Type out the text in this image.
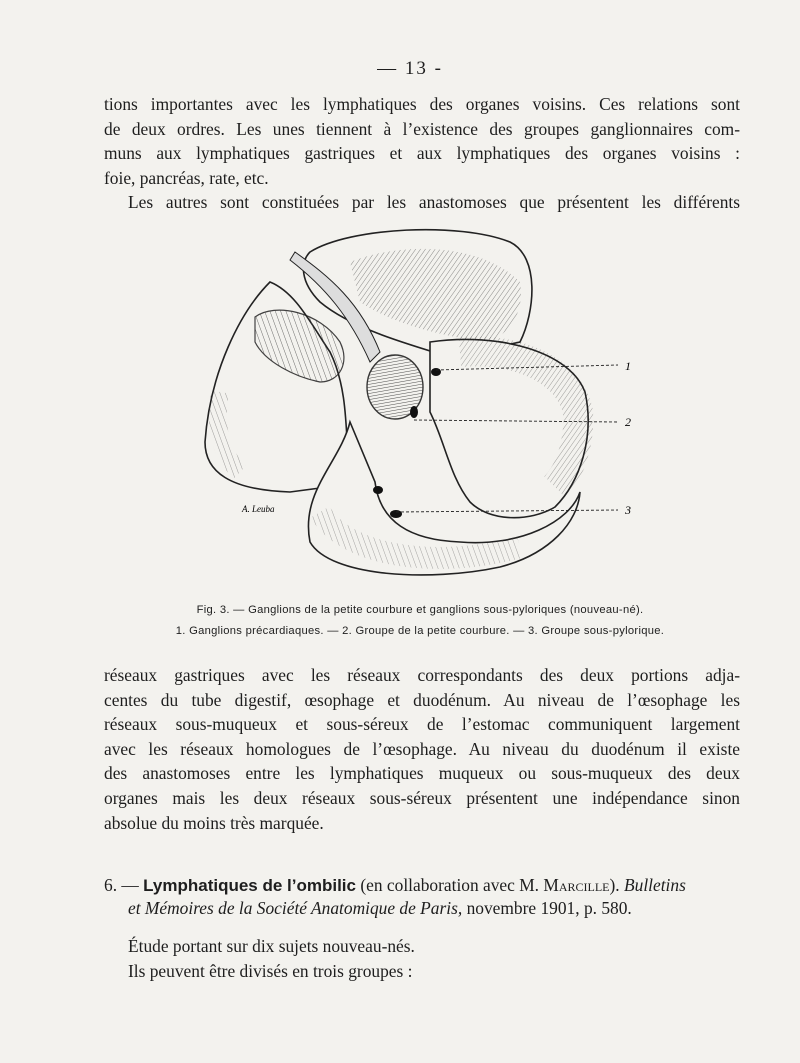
— 13 -
tions importantes avec les lymphatiques des organes voisins. Ces relations sont
de deux ordres. Les unes tiennent à l’existence des groupes ganglionnaires com-
muns aux lymphatiques gastriques et aux lymphatiques des organes voisins :
foie, pancréas, rate, etc.
Les autres sont constituées par les anastomoses que présentent les différents
1
2
3
A. Leuba
Fig. 3. — Ganglions de la petite courbure et ganglions sous-pyloriques (nouveau-né).
1. Ganglions précardiaques. — 2. Groupe de la petite courbure. — 3. Groupe sous-pylorique.
réseaux gastriques avec les réseaux correspondants des deux portions adja-
centes du tube digestif, œsophage et duodénum. Au niveau de l’œsophage les
réseaux sous-muqueux et sous-séreux de l’estomac communiquent largement
avec les réseaux homologues de l’œsophage. Au niveau du duodénum il existe
des anastomoses entre les lymphatiques muqueux ou sous-muqueux des deux
organes mais les deux réseaux sous-séreux présentent une indépendance sinon
absolue du moins très marquée.
6. — Lymphatiques de l’ombilic (en collaboration avec M. Marcille). Bulletins
et Mémoires de la Société Anatomique de Paris, novembre 1901, p. 580.
Étude portant sur dix sujets nouveau-nés.
Ils peuvent être divisés en trois groupes :
